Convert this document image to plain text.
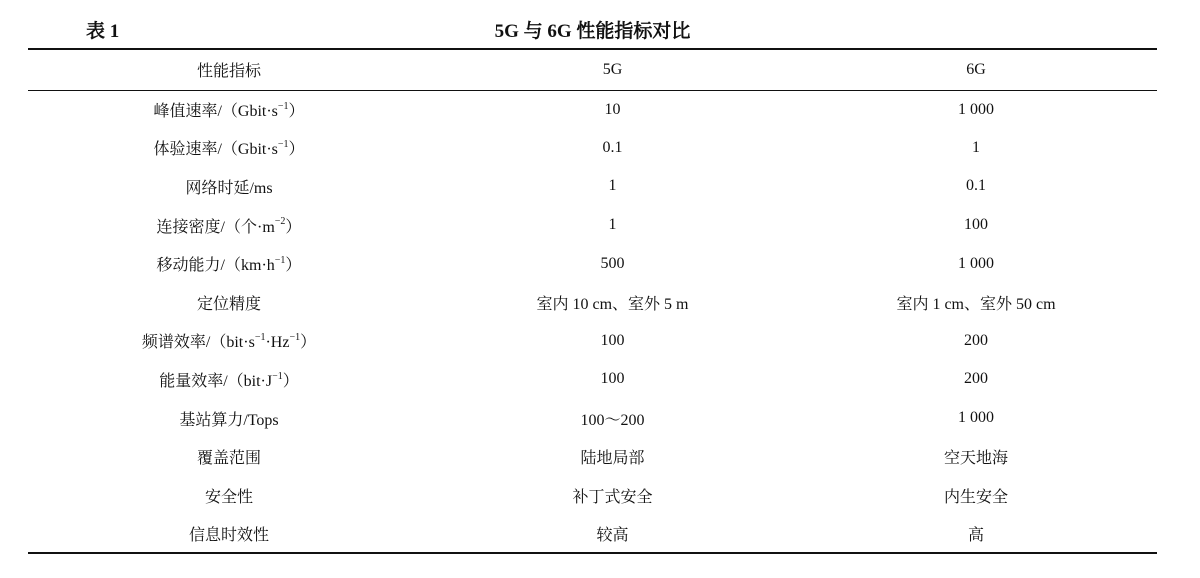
表 1	5G 与 6G 性能指标对比
性能指标	5G	6G
峰值速率$/(Gbit\cdot s^{-1})$	10	1 000
体验速率$/(Gbit\cdot s^{-1})$	0.1	1
网络时延/ms	1	0.1
连接密度/（个$\cdot m^{-2}$）	1	100
移动能力$/(km\cdot h^{-1})$	500	1 000
定位精度	室内 10 cm、室外 5 m	室内 1 cm、室外 50 cm
频谱效率$/(bit\cdot s^{-1}\cdot Hz^{-1})$	100	200
能量效率$/(bit\cdot J^{-1})$	100	200
基站算力/Tops	100～200	1 000
覆盖范围	陆地局部	空天地海
安全性	补丁式安全	内生安全
信息时效性	较高	高
